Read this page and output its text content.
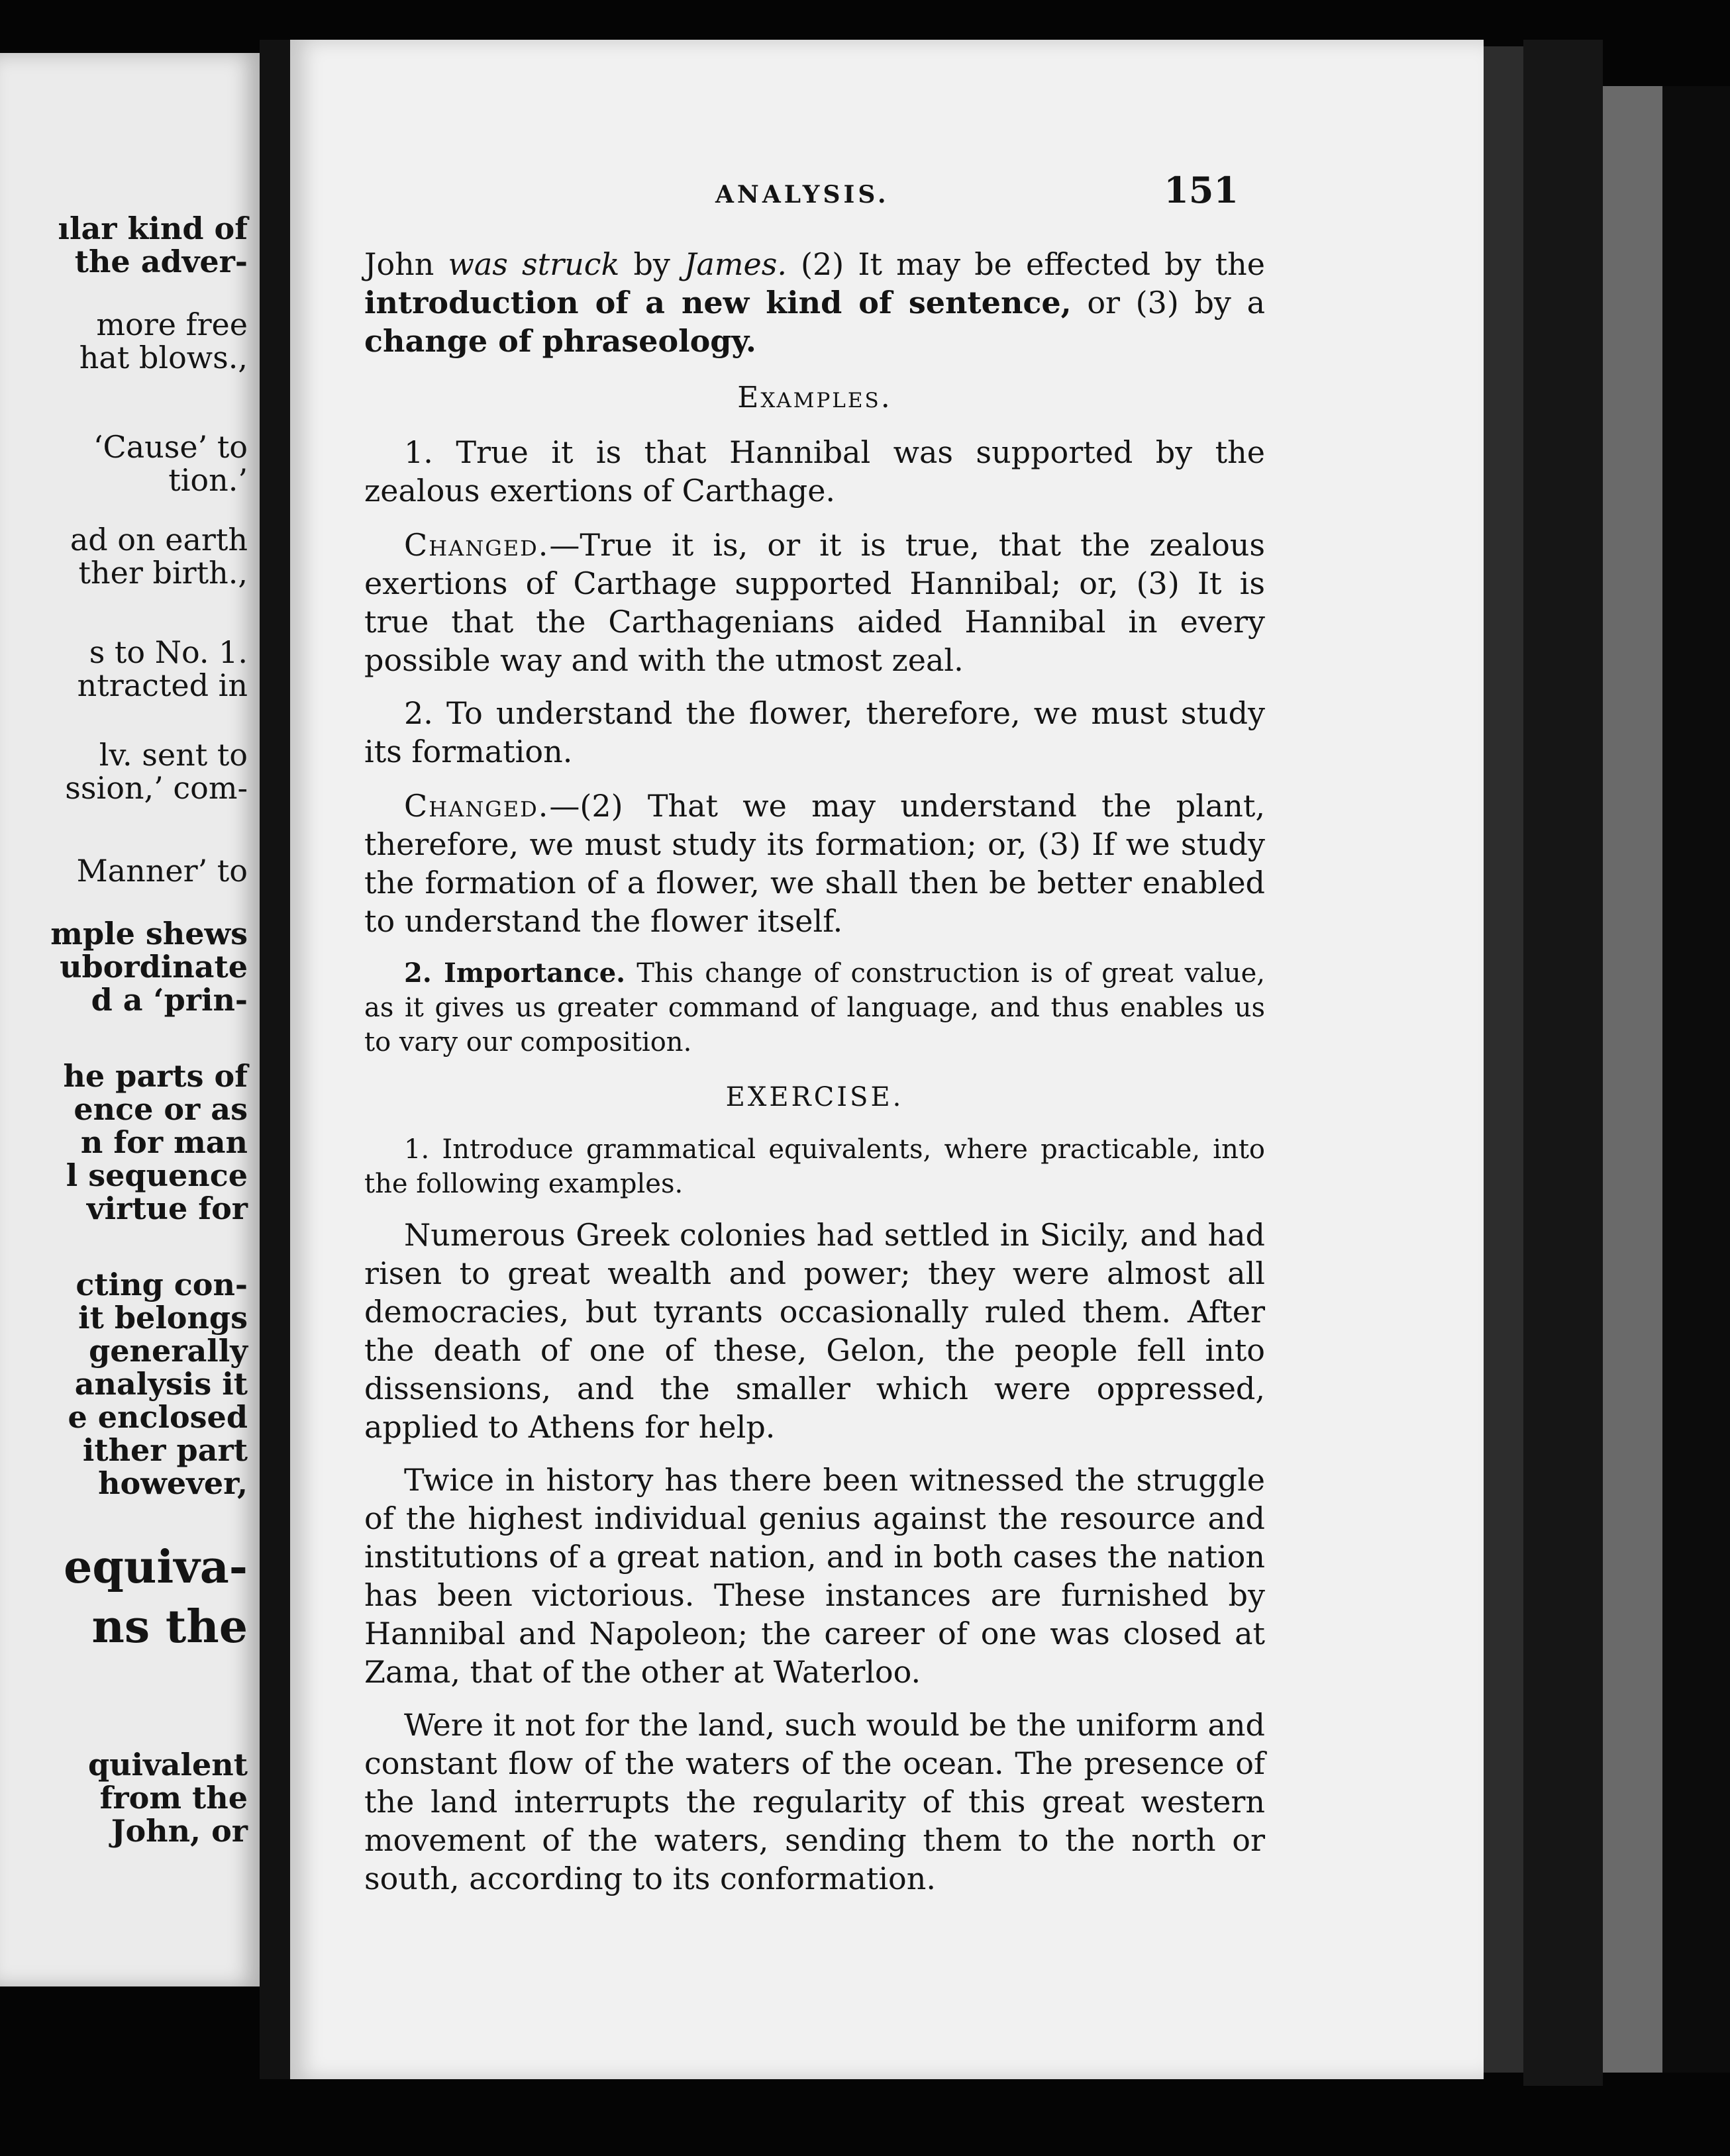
ılar kind of
the adver-
more free
hat blows.,
‘Cause’ to
tion.’
ad on earth
ther birth.,
s to No. 1.
ntracted in
lv. sent to
ssion,’ com-
Manner’ to
mple shews
ubordinate
d a ‘prin-
he parts of
ence or as
n for man
l sequence
virtue for
cting con-
it belongs
generally
analysis it
e enclosed
ither part
however,
equiva-
ns the
quivalent
from the
John, or
ANALYSIS.	151

John was struck by James. (2) It may be effected by the introduction of a new kind of sentence, or (3) by a change of phraseology.

Examples.

1. True it is that Hannibal was supported by the zealous exertions of Carthage.

Changed.—True it is, or it is true, that the zealous exertions of Carthage supported Hannibal; or, (3) It is true that the Carthagenians aided Hannibal in every possible way and with the utmost zeal.

2. To understand the flower, therefore, we must study its formation.

Changed.—(2) That we may understand the plant, therefore, we must study its formation; or, (3) If we study the formation of a flower, we shall then be better enabled to understand the flower itself.

2. Importance. This change of construction is of great value, as it gives us greater command of language, and thus enables us to vary our composition.

EXERCISE.

1. Introduce grammatical equivalents, where practicable, into the following examples.

Numerous Greek colonies had settled in Sicily, and had risen to great wealth and power; they were almost all democracies, but tyrants occasionally ruled them. After the death of one of these, Gelon, the people fell into dissensions, and the smaller which were oppressed, applied to Athens for help.

Twice in history has there been witnessed the struggle of the highest individual genius against the resource and institutions of a great nation, and in both cases the nation has been victorious. These instances are furnished by Hannibal and Napoleon; the career of one was closed at Zama, that of the other at Waterloo.

Were it not for the land, such would be the uniform and constant flow of the waters of the ocean. The presence of the land interrupts the regularity of this great western movement of the waters, sending them to the north or south, according to its conformation.
